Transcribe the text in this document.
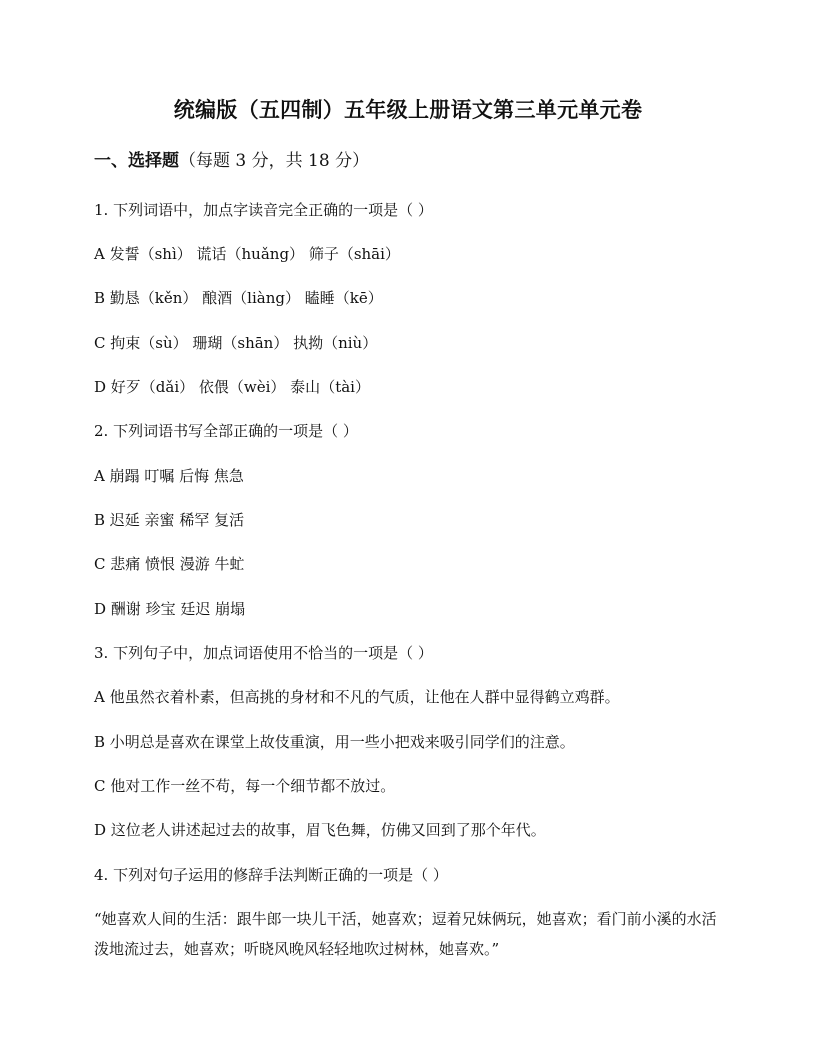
统编版（五四制）五年级上册语文第三单元单元卷
一、选择题（每题 3 分，共 18 分）
1. 下列词语中，加点字读音完全正确的一项是（ ）
A 发誓（shì） 谎话（huǎng） 筛子（shāi）
B 勤恳（kěn） 酿酒（liàng） 瞌睡（kē）
C 拘束（sù） 珊瑚（shān） 执拗（niù）
D 好歹（dǎi） 依偎（wèi） 泰山（tài）
2. 下列词语书写全部正确的一项是（ ）
A 崩蹋 叮嘱 后悔 焦急
B 迟延 亲蜜 稀罕 复活
C 悲痛 愤恨 漫游 牛虻
D 酬谢 珍宝 廷迟 崩塌
3. 下列句子中，加点词语使用不恰当的一项是（ ）
A 他虽然衣着朴素，但高挑的身材和不凡的气质，让他在人群中显得鹤立鸡群。
B 小明总是喜欢在课堂上故伎重演，用一些小把戏来吸引同学们的注意。
C 他对工作一丝不苟，每一个细节都不放过。
D 这位老人讲述起过去的故事，眉飞色舞，仿佛又回到了那个年代。
4. 下列对句子运用的修辞手法判断正确的一项是（ ）
“她喜欢人间的生活：跟牛郎一块儿干活，她喜欢；逗着兄妹俩玩，她喜欢；看门前小溪的水活泼地流过去，她喜欢；听晓风晚风轻轻地吹过树林，她喜欢。”
